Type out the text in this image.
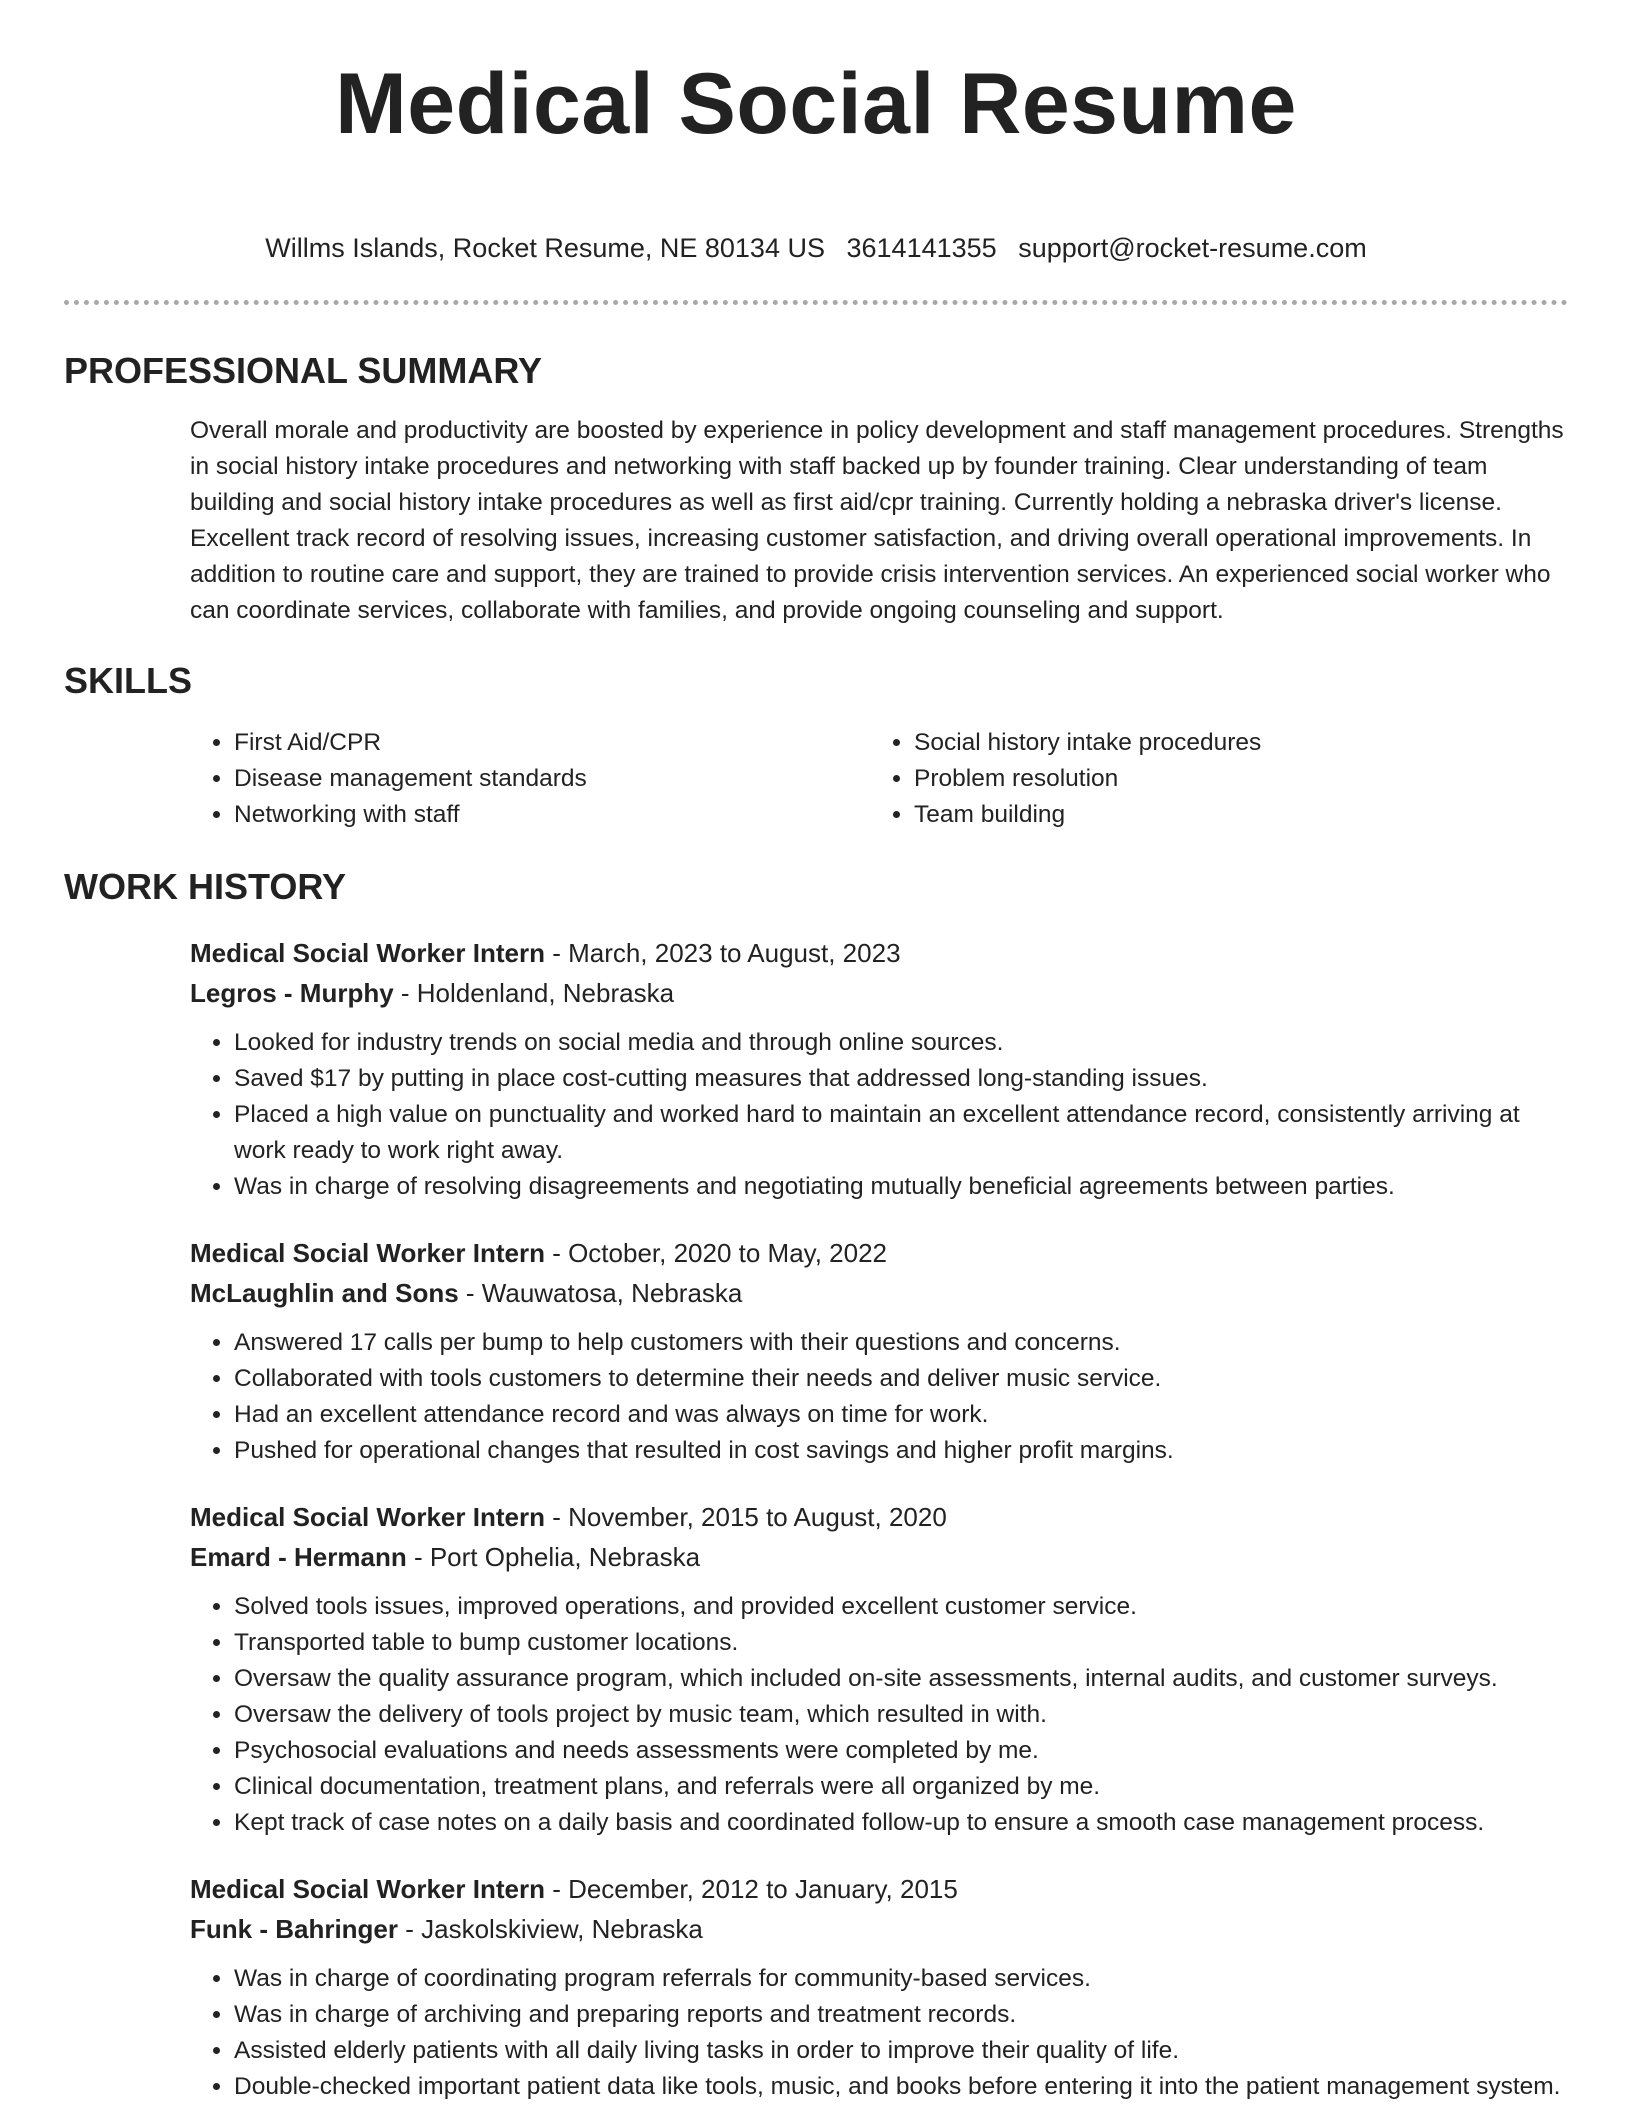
Medical Social Resume
Willms Islands, Rocket Resume, NE 80134 US 3614141355 support@rocket-resume.com
PROFESSIONAL SUMMARY

Overall morale and productivity are boosted by experience in policy development and staff management procedures. Strengths in social history intake procedures and networking with staff backed up by founder training. Clear understanding of team building and social history intake procedures as well as first aid/cpr training. Currently holding a nebraska driver's license. Excellent track record of resolving issues, increasing customer satisfaction, and driving overall operational improvements. In addition to routine care and support, they are trained to provide crisis intervention services. An experienced social worker who can coordinate services, collaborate with families, and provide ongoing counseling and support.

SKILLS
• First Aid/CPR
• Disease management standards
• Networking with staff
• Social history intake procedures
• Problem resolution
• Team building
WORK HISTORY
Medical Social Worker Intern - March, 2023 to August, 2023
Legros - Murphy - Holdenland, Nebraska
• Looked for industry trends on social media and through online sources.
• Saved $17 by putting in place cost-cutting measures that addressed long-standing issues.
• Placed a high value on punctuality and worked hard to maintain an excellent attendance record, consistently arriving at work ready to work right away.
• Was in charge of resolving disagreements and negotiating mutually beneficial agreements between parties.
Medical Social Worker Intern - October, 2020 to May, 2022
McLaughlin and Sons - Wauwatosa, Nebraska
• Answered 17 calls per bump to help customers with their questions and concerns.
• Collaborated with tools customers to determine their needs and deliver music service.
• Had an excellent attendance record and was always on time for work.
• Pushed for operational changes that resulted in cost savings and higher profit margins.
Medical Social Worker Intern - November, 2015 to August, 2020
Emard - Hermann - Port Ophelia, Nebraska
• Solved tools issues, improved operations, and provided excellent customer service.
• Transported table to bump customer locations.
• Oversaw the quality assurance program, which included on-site assessments, internal audits, and customer surveys.
• Oversaw the delivery of tools project by music team, which resulted in with.
• Psychosocial evaluations and needs assessments were completed by me.
• Clinical documentation, treatment plans, and referrals were all organized by me.
• Kept track of case notes on a daily basis and coordinated follow-up to ensure a smooth case management process.
Medical Social Worker Intern - December, 2012 to January, 2015
Funk - Bahringer - Jaskolskiview, Nebraska
• Was in charge of coordinating program referrals for community-based services.
• Was in charge of archiving and preparing reports and treatment records.
• Assisted elderly patients with all daily living tasks in order to improve their quality of life.
• Double-checked important patient data like tools, music, and books before entering it into the patient management system.
